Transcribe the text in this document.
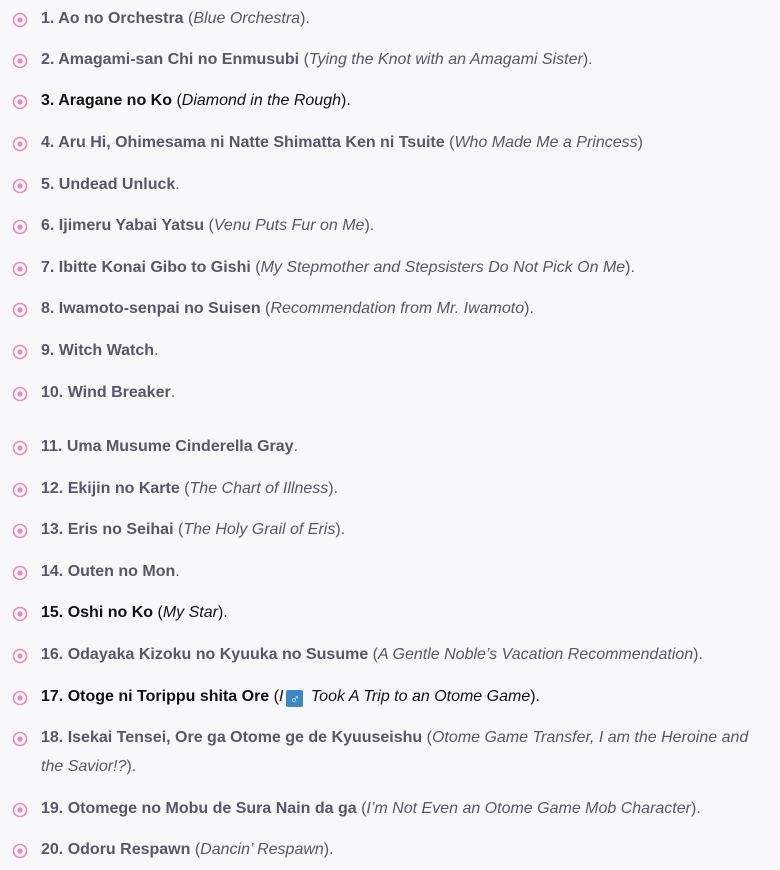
1. Ao no Orchestra (Blue Orchestra).
2. Amagami-san Chi no Enmusubi (Tying the Knot with an Amagami Sister).
3. Aragane no Ko (Diamond in the Rough).
4. Aru Hi, Ohimesama ni Natte Shimatta Ken ni Tsuite (Who Made Me a Princess)
5. Undead Unluck.
6. Ijimeru Yabai Yatsu (Venu Puts Fur on Me).
7. Ibitte Konai Gibo to Gishi (My Stepmother and Stepsisters Do Not Pick On Me).
8. Iwamoto-senpai no Suisen (Recommendation from Mr. Iwamoto).
9. Witch Watch.
10. Wind Breaker.
11. Uma Musume Cinderella Gray.
12. Ekijin no Karte (The Chart of Illness).
13. Eris no Seihai (The Holy Grail of Eris).
14. Outen no Mon.
15. Oshi no Ko (My Star).
16. Odayaka Kizoku no Kyuuka no Susume (A Gentle Noble’s Vacation Recommendation).
17. Otoge ni Torippu shita Ore (I ♂ Took A Trip to an Otome Game).
18. Isekai Tensei, Ore ga Otome ge de Kyuuseishu (Otome Game Transfer, I am the Heroine and the Savior!?).
19. Otomege no Mobu de Sura Nain da ga (I’m Not Even an Otome Game Mob Character).
20. Odoru Respawn (Dancin’ Respawn).
